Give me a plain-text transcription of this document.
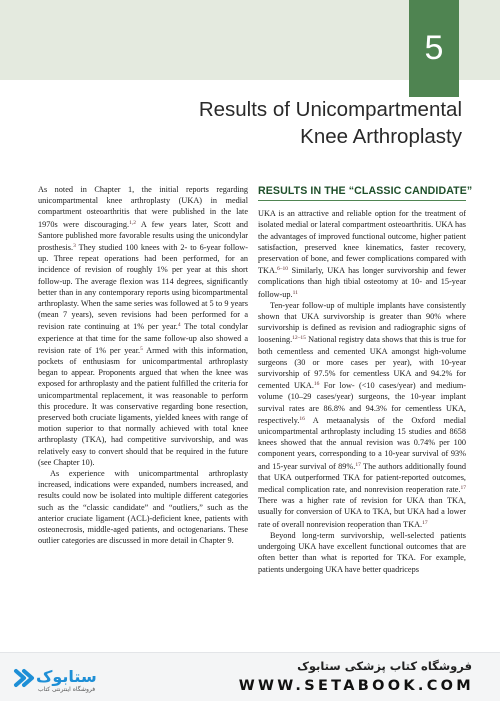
5
Results of Unicompartmental
Knee Arthroplasty

As noted in Chapter 1, the initial reports regarding unicompartmental knee arthroplasty (UKA) in medial compartment osteoarthritis that were published in the late 1970s were discouraging.$^{1,2}$ A few years later, Scott and Santore published more favorable results using the unicondylar prosthesis.$^3$ They studied 100 knees with 2- to 6-year follow-up. Three repeat operations had been performed, for an incidence of revision of roughly 1% per year at this short follow-up. The average flexion was 114 degrees, significantly better than in any contemporary reports using bicompartmental arthroplasty. When the same series was followed at 5 to 9 years (mean 7 years), seven revisions had been performed for a revision rate continuing at 1% per year.$^4$ The total condylar experience at that time for the same follow-up also showed a revision rate of 1% per year.$^5$ Armed with this information, pockets of enthusiasm for unicompartmental arthroplasty began to appear. Proponents argued that when the knee was exposed for arthroplasty and the patient fulfilled the criteria for unicompartmental replacement, it was reasonable to perform this procedure. It was conservative regarding bone resection, preserved both cruciate ligaments, yielded knees with range of motion superior to that normally achieved with total knee arthroplasty (TKA), had competitive survivorship, and was relatively easy to convert should that be required in the future (see Chapter 10).

As experience with unicompartmental arthroplasty increased, indications were expanded, numbers increased, and results could now be isolated into multiple different categories such as the “classic candidate” and “outliers,” such as the anterior cruciate ligament (ACL)-deficient knee, patients with osteonecrosis, middle-aged patients, and octogenarians. These outlier categories are discussed in more detail in Chapter 9.

RESULTS IN THE “CLASSIC CANDIDATE”

UKA is an attractive and reliable option for the treatment of isolated medial or lateral compartment osteoarthritis. UKA has the advantages of improved functional outcome, higher patient satisfaction, preserved knee kinematics, faster recovery, preservation of bone, and fewer complications compared with TKA.$^{6-10}$ Similarly, UKA has longer survivorship and fewer complications than high tibial osteotomy at 10- and 15-year follow-up.$^{11}$

Ten-year follow-up of multiple implants have consistently shown that UKA survivorship is greater than 90% where survivorship is defined as revision and radiographic signs of loosening.$^{12-15}$ National registry data shows that this is true for both cementless and cemented UKA amongst high-volume surgeons (30 or more cases per year), with 10-year survivorship of 97.5% for cementless UKA and 94.2% for cemented UKA.$^{16}$ For low- (<10 cases/year) and medium-volume (10–29 cases/year) surgeons, the 10-year implant survival rates are 86.8% and 94.3% for cementless UKA, respectively.$^{16}$ A metaanalysis of the Oxford medial unicompartmental arthroplasty including 15 studies and 8658 knees showed that the annual revision was 0.74% per 100 component years, corresponding to a 10-year survival of 93% and 15-year survival of 89%.$^{17}$ The authors additionally found that UKA outperformed TKA for patient-reported outcomes, medical complication rate, and nonrevision reoperation rate.$^{17}$ There was a higher rate of revision for UKA than TKA, usually for conversion of UKA to TKA, but UKA had a lower rate of overall nonrevision reoperation than TKA.$^{17}$

Beyond long-term survivorship, well-selected patients undergoing UKA have excellent functional outcomes that are often better than what is reported for TKA. For example, patients undergoing UKA have better quadriceps

ستابوک
فروشگاه اینترنتی کتاب
فروشگاه کتاب پزشکی ستابوک
WWW.SETABOOK.COM
